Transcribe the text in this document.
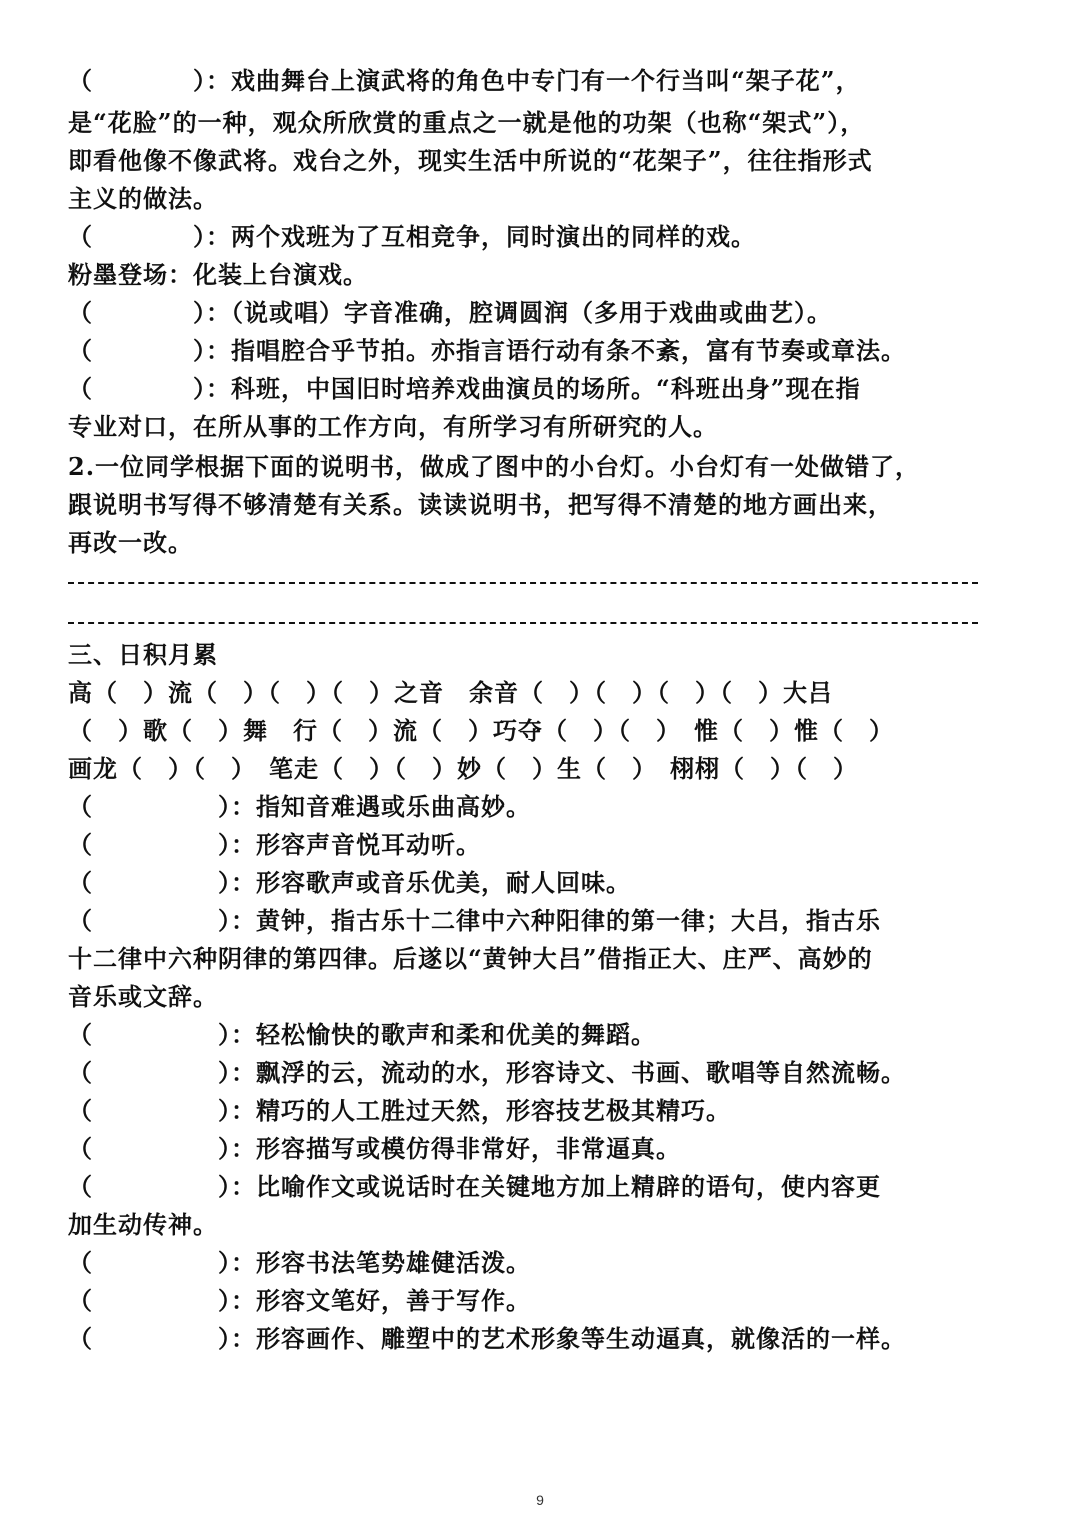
（　　　　）：戏曲舞台上演武将的角色中专门有一个行当叫“架子花”，
是“花脸”的一种，观众所欣赏的重点之一就是他的功架（也称“架式”），
即看他像不像武将。戏台之外，现实生活中所说的“花架子”，往往指形式
主义的做法。
（　　　　）：两个戏班为了互相竞争，同时演出的同样的戏。
粉墨登场：化装上台演戏。
（　　　　）：（说或唱）字音准确，腔调圆润（多用于戏曲或曲艺）。
（　　　　）：指唱腔合乎节拍。亦指言语行动有条不紊，富有节奏或章法。
（　　　　）：科班，中国旧时培养戏曲演员的场所。“科班出身”现在指
专业对口，在所从事的工作方向，有所学习有所研究的人。
2.一位同学根据下面的说明书，做成了图中的小台灯。小台灯有一处做错了，
跟说明书写得不够清楚有关系。读读说明书，把写得不清楚的地方画出来，
再改一改。
三、日积月累
高（　）流（　）（　）（　）之音　余音（　）（　）（　）（　）大吕
（　）歌（　）舞　行（　）流（　）巧夺（　）（　）　惟（　）惟（　）
画龙（　）（　）　笔走（　）（　）妙（　）生（　）　栩栩（　）（　）
（　　　　　）：指知音难遇或乐曲高妙。
（　　　　　）：形容声音悦耳动听。
（　　　　　）：形容歌声或音乐优美，耐人回味。
（　　　　　）：黄钟，指古乐十二律中六种阳律的第一律；大吕，指古乐
十二律中六种阴律的第四律。后遂以“黄钟大吕”借指正大、庄严、高妙的
音乐或文辞。
（　　　　　）：轻松愉快的歌声和柔和优美的舞蹈。
（　　　　　）：飘浮的云，流动的水，形容诗文、书画、歌唱等自然流畅。
（　　　　　）：精巧的人工胜过天然，形容技艺极其精巧。
（　　　　　）：形容描写或模仿得非常好，非常逼真。
（　　　　　）：比喻作文或说话时在关键地方加上精辟的语句，使内容更
加生动传神。
（　　　　　）：形容书法笔势雄健活泼。
（　　　　　）：形容文笔好，善于写作。
（　　　　　）：形容画作、雕塑中的艺术形象等生动逼真，就像活的一样。
9
